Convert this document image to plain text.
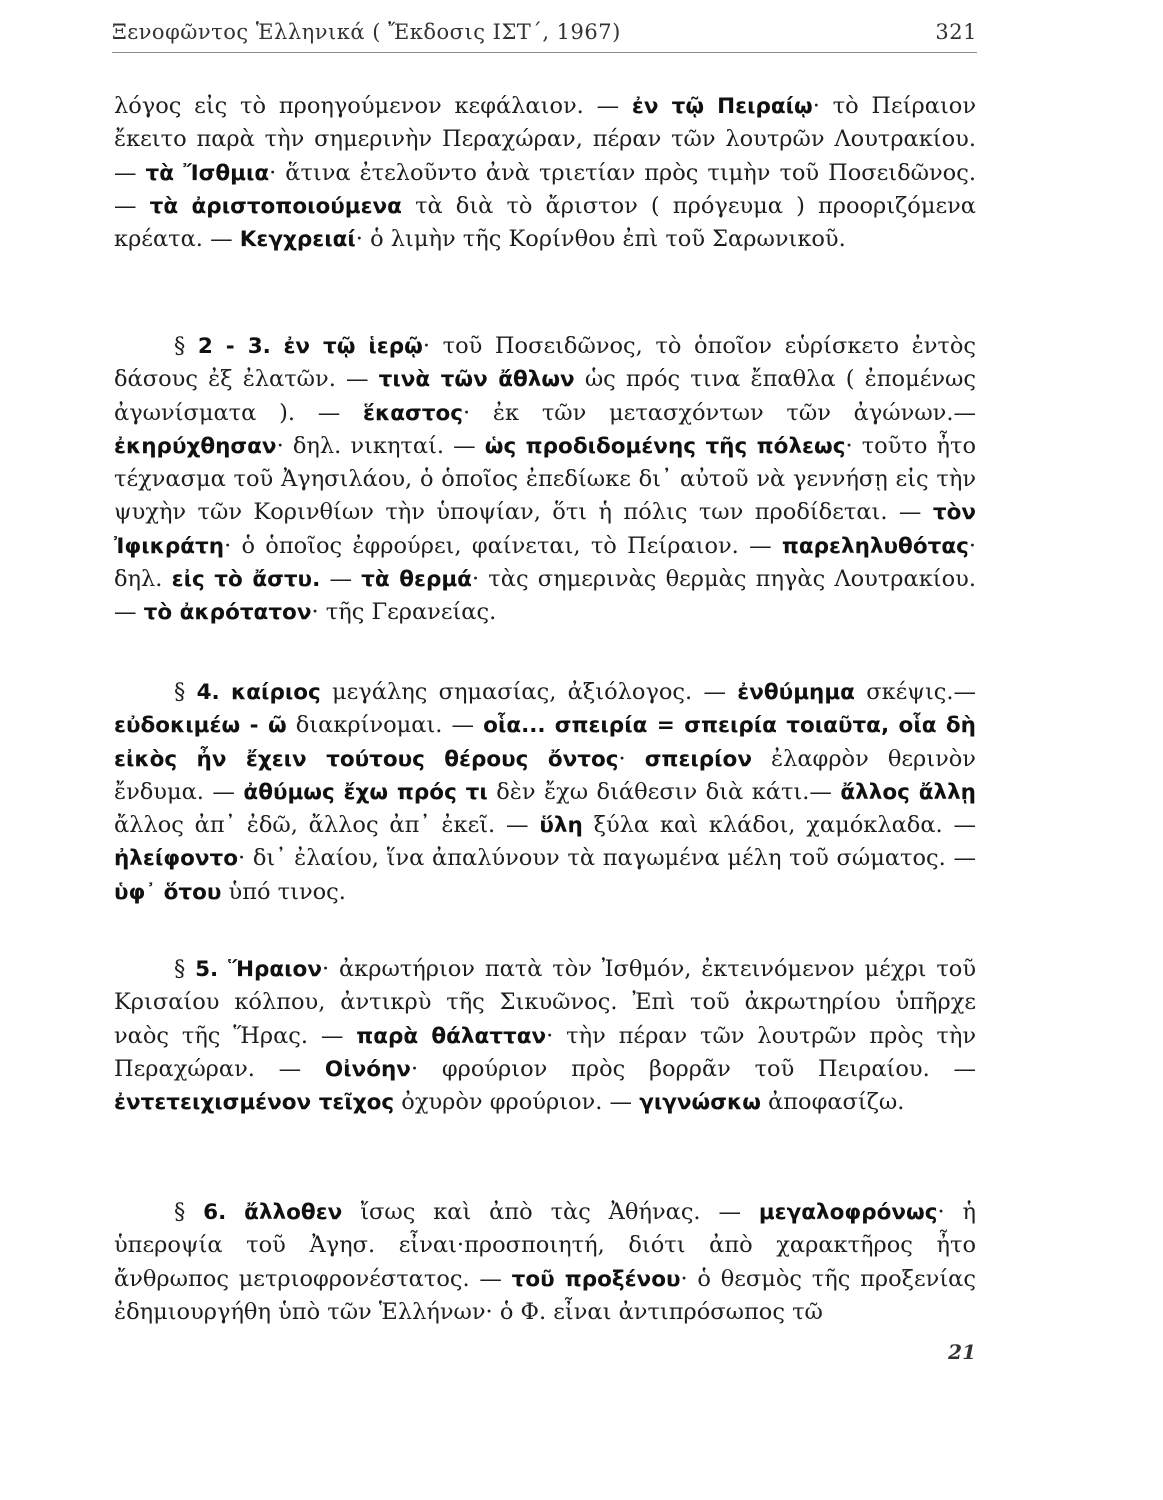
Ξενοφῶντος Ἑλληνικά ( Ἔκδοσις ΙΣΤ΄, 1967)	321

λόγος εἰς τὸ προηγούμενον κεφάλαιον. — ἐν τῷ Πειραίῳ· τὸ Πείραιον ἔκειτο παρὰ τὴν σημερινὴν Περαχώραν, πέραν τῶν λουτρῶν Λουτρακίου. — τὰ Ἴσθμια· ἅτινα ἐτελοῦντο ἀνὰ τριετίαν πρὸς τιμὴν τοῦ Ποσειδῶνος. — τὰ ἀριστοποιούμενα τὰ διὰ τὸ ἄριστον ( πρόγευμα ) προοριζόμενα κρέατα. — Κεγχρειαί· ὁ λιμὴν τῆς Κορίνθου ἐπὶ τοῦ Σαρωνικοῦ.

§ 2 - 3. ἐν τῷ ἱερῷ· τοῦ Ποσειδῶνος, τὸ ὁποῖον εὑρίσκετο ἐντὸς δάσους ἐξ ἐλατῶν. — τινὰ τῶν ἄθλων ὡς πρός τινα ἔπαθλα ( ἐπομένως ἀγωνίσματα ). — ἕκαστος· ἐκ τῶν μετασχόντων τῶν ἀγώνων.— ἐκηρύχθησαν· δηλ. νικηταί. — ὡς προδιδομένης τῆς πόλεως· τοῦτο ἦτο τέχνασμα τοῦ Ἀγησιλάου, ὁ ὁποῖος ἐπεδίωκε δι᾽ αὐτοῦ νὰ γεννήσῃ εἰς τὴν ψυχὴν τῶν Κορινθίων τὴν ὑποψίαν, ὅτι ἡ πόλις των προδίδεται. — τὸν Ἰφικράτη· ὁ ὁποῖος ἐφρούρει, φαίνεται, τὸ Πείραιον. — παρεληλυθότας· δηλ. εἰς τὸ ἄστυ. — τὰ θερμά· τὰς σημερινὰς θερμὰς πηγὰς Λουτρακίου. — τὸ ἀκρότατον· τῆς Γερανείας.

§ 4. καίριος μεγάλης σημασίας, ἀξιόλογος. — ἐνθύμημα σκέψις.— εὐδοκιμέω - ῶ διακρίνομαι. — οἷα... σπειρία = σπειρία τοιαῦτα, οἷα δὴ εἰκὸς ἦν ἔχειν τούτους θέρους ὄντος· σπειρίον ἐλαφρὸν θερινὸν ἔνδυμα. — ἀθύμως ἔχω πρός τι δὲν ἔχω διάθεσιν διὰ κάτι.— ἄλλος ἄλλῃ ἄλλος ἀπ᾽ ἐδῶ, ἄλλος ἀπ᾽ ἐκεῖ. — ὕλη ξύλα καὶ κλάδοι, χαμόκλαδα. — ἠλείφοντο· δι᾽ ἐλαίου, ἵνα ἀπαλύνουν τὰ παγωμένα μέλη τοῦ σώματος. — ὑφ᾽ ὅτου ὑπό τινος.

§ 5. Ἥραιον· ἀκρωτήριον πατὰ τὸν Ἰσθμόν, ἐκτεινόμενον μέχρι τοῦ Κρισαίου κόλπου, ἀντικρὺ τῆς Σικυῶνος. Ἐπὶ τοῦ ἀκρωτηρίου ὑπῆρχε ναὸς τῆς Ἥρας. — παρὰ θάλατταν· τὴν πέραν τῶν λουτρῶν πρὸς τὴν Περαχώραν. — Οἰνόην· φρούριον πρὸς βορρᾶν τοῦ Πειραίου. — ἐντετειχισμένον τεῖχος ὀχυρὸν φρούριον. — γιγνώσκω ἀποφασίζω.

§ 6. ἄλλοθεν ἴσως καὶ ἀπὸ τὰς Ἀθήνας. — μεγαλοφρόνως· ἡ ὑπεροψία τοῦ Ἀγησ. εἶναι·προσποιητή, διότι ἀπὸ χαρακτῆρος ἦτο ἄνθρωπος μετριοφρονέστατος. — τοῦ προξένου· ὁ θεσμὸς τῆς προξενίας ἐδημιουργήθη ὑπὸ τῶν Ἑλλήνων· ὁ Φ. εἶναι ἀντιπρόσωπος τῶ

21
